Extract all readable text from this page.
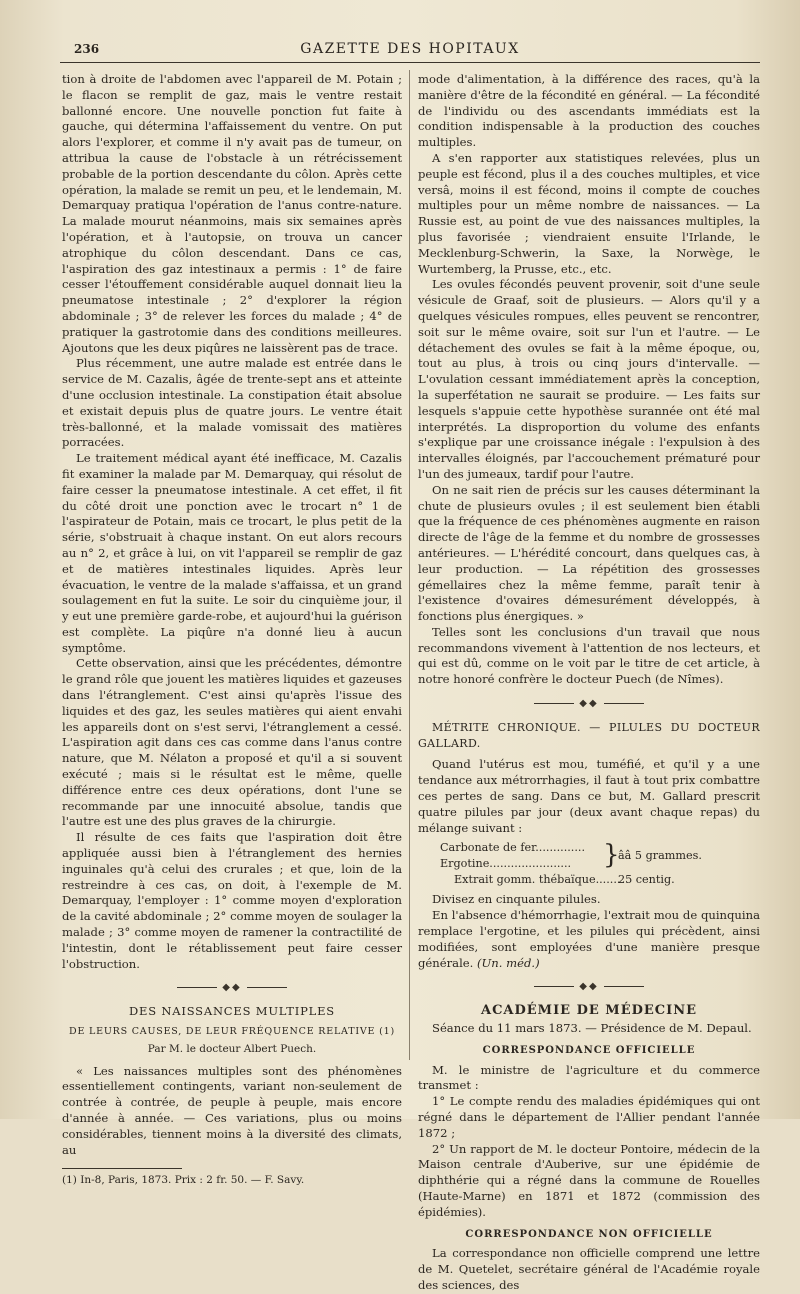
236	GAZETTE DES HOPITAUX

tion à droite de l'abdomen avec l'appareil de M. Potain ; le flacon se remplit de gaz, mais le ventre restait ballonné encore. Une nouvelle ponction fut faite à gauche, qui détermina l'affaissement du ventre. On put alors l'explorer, et comme il n'y avait pas de tumeur, on attribua la cause de l'obstacle à un rétrécissement probable de la portion descendante du côlon. Après cette opération, la malade se remit un peu, et le lendemain, M. Demarquay pratiqua l'opération de l'anus contre-nature. La malade mourut néanmoins, mais six semaines après l'opération, et à l'autopsie, on trouva un cancer atrophique du côlon descendant. Dans ce cas, l'aspiration des gaz intestinaux a permis : 1° de faire cesser l'étouffement considérable auquel donnait lieu la pneumatose intestinale ; 2° d'explorer la région abdominale ; 3° de relever les forces du malade ; 4° de pratiquer la gastrotomie dans des conditions meilleures. Ajoutons que les deux piqûres ne laissèrent pas de trace.

Plus récemment, une autre malade est entrée dans le service de M. Cazalis, âgée de trente-sept ans et atteinte d'une occlusion intestinale. La constipation était absolue et existait depuis plus de quatre jours. Le ventre était très-ballonné, et la malade vomissait des matières porracées.

Le traitement médical ayant été inefficace, M. Cazalis fit examiner la malade par M. Demarquay, qui résolut de faire cesser la pneumatose intestinale. A cet effet, il fit du côté droit une ponction avec le trocart n° 1 de l'aspirateur de Potain, mais ce trocart, le plus petit de la série, s'obstruait à chaque instant. On eut alors recours au n° 2, et grâce à lui, on vit l'appareil se remplir de gaz et de matières intestinales liquides. Après leur évacuation, le ventre de la malade s'affaissa, et un grand soulagement en fut la suite. Le soir du cinquième jour, il y eut une première garde-robe, et aujourd'hui la guérison est complète. La piqûre n'a donné lieu à aucun symptôme.

Cette observation, ainsi que les précédentes, démontre le grand rôle que jouent les matières liquides et gazeuses dans l'étranglement. C'est ainsi qu'après l'issue des liquides et des gaz, les seules matières qui aient envahi les appareils dont on s'est servi, l'étranglement a cessé. L'aspiration agit dans ces cas comme dans l'anus contre nature, que M. Nélaton a proposé et qu'il a si souvent exécuté ; mais si le résultat est le même, quelle différence entre ces deux opérations, dont l'une se recommande par une innocuité absolue, tandis que l'autre est une des plus graves de la chirurgie.

Il résulte de ces faits que l'aspiration doit être appliquée aussi bien à l'étranglement des hernies inguinales qu'à celui des crurales ; et que, loin de la restreindre à ces cas, on doit, à l'exemple de M. Demarquay, l'employer : 1° comme moyen d'exploration de la cavité abdominale ; 2° comme moyen de soulager la malade ; 3° comme moyen de ramener la contractilité de l'intestin, dont le rétablissement peut faire cesser l'obstruction.

◆◆
DES NAISSANCES MULTIPLES
DE LEURS CAUSES, DE LEUR FRÉQUENCE RELATIVE (1)
Par M. le docteur Albert Puech.

« Les naissances multiples sont des phénomènes essentiellement contingents, variant non-seulement de contrée à contrée, de peuple à peuple, mais encore d'année à année. — Ces variations, plus ou moins considérables, tiennent moins à la diversité des climats, au

(1) In-8, Paris, 1873. Prix : 2 fr. 50. — F. Savy.

mode d'alimentation, à la différence des races, qu'à la manière d'être de la fécondité en général. — La fécondité de l'individu ou des ascendants immédiats est la condition indispensable à la production des couches multiples.

A s'en rapporter aux statistiques relevées, plus un peuple est fécond, plus il a des couches multiples, et vice versâ, moins il est fécond, moins il compte de couches multiples pour un même nombre de naissances. — La Russie est, au point de vue des naissances multiples, la plus favorisée ; viendraient ensuite l'Irlande, le Mecklenburg-Schwerin, la Saxe, la Norwège, le Wurtemberg, la Prusse, etc., etc.

Les ovules fécondés peuvent provenir, soit d'une seule vésicule de Graaf, soit de plusieurs. — Alors qu'il y a quelques vésicules rompues, elles peuvent se rencontrer, soit sur le même ovaire, soit sur l'un et l'autre. — Le détachement des ovules se fait à la même époque, ou, tout au plus, à trois ou cinq jours d'intervalle. — L'ovulation cessant immédiatement après la conception, la superfétation ne saurait se produire. — Les faits sur lesquels s'appuie cette hypothèse surannée ont été mal interprétés. La disproportion du volume des enfants s'explique par une croissance inégale : l'expulsion à des intervalles éloignés, par l'accouchement prématuré pour l'un des jumeaux, tardif pour l'autre.

On ne sait rien de précis sur les causes déterminant la chute de plusieurs ovules ; il est seulement bien établi que la fréquence de ces phénomènes augmente en raison directe de l'âge de la femme et du nombre de grossesses antérieures. — L'hérédité concourt, dans quelques cas, à leur production. — La répétition des grossesses gémellaires chez la même femme, paraît tenir à l'existence d'ovaires démesurément développés, à fonctions plus énergiques. »

Telles sont les conclusions d'un travail que nous recommandons vivement à l'attention de nos lecteurs, et qui est dû, comme on le voit par le titre de cet article, à notre honoré confrère le docteur Puech (de Nîmes).

◆◆
MÉTRITE CHRONIQUE. — PILULES DU DOCTEUR GALLARD.

Quand l'utérus est mou, tuméfié, et qu'il y a une tendance aux métrorrhagies, il faut à tout prix combattre ces pertes de sang. Dans ce but, M. Gallard prescrit quatre pilules par jour (deux avant chaque repas) du mélange suivant :

Carbonate de fer.............. }
ââ 5 grammes.
Ergotine.......................
Extrait gomm. thébaïque.......
25 centig.

Divisez en cinquante pilules.

En l'absence d'hémorrhagie, l'extrait mou de quinquina remplace l'ergotine, et les pilules qui précèdent, ainsi modifiées, sont employées d'une manière presque générale. (Un. méd.)

◆◆
ACADÉMIE DE MÉDECINE

Séance du 11 mars 1873. — Présidence de M. Depaul.

CORRESPONDANCE OFFICIELLE

M. le ministre de l'agriculture et du commerce transmet :

1° Le compte rendu des maladies épidémiques qui ont régné dans le département de l'Allier pendant l'année 1872 ;

2° Un rapport de M. le docteur Pontoire, médecin de la Maison centrale d'Auberive, sur une épidémie de diphthérie qui a régné dans la commune de Rouelles (Haute-Marne) en 1871 et 1872 (commission des épidémies).

CORRESPONDANCE NON OFFICIELLE

La correspondance non officielle comprend une lettre de M. Quetelet, secrétaire général de l'Académie royale des sciences, des
